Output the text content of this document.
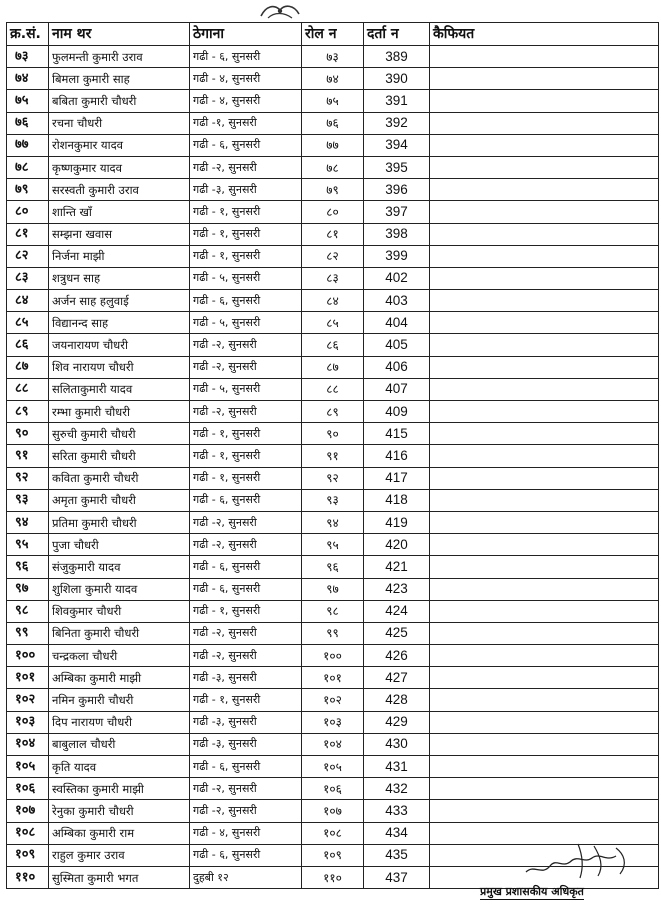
क्र.सं.	नाम थर	ठेगाना	रोल न	दर्ता न	कैफियत
७३	फुलमन्ती कुमारी उराव	गढी - ६, सुनसरी	७३	389	
७४	बिमला कुमारी साह	गढी - ४, सुनसरी	७४	390	
७५	बबिता कुमारी चौधरी	गढी - ४, सुनसरी	७५	391	
७६	रचना चौधरी	गढी -१, सुनसरी	७६	392	
७७	रोशनकुमार यादव	गढी - ६, सुनसरी	७७	394	
७८	कृष्णकुमार यादव	गढी -२, सुनसरी	७८	395	
७९	सरस्वती कुमारी उराव	गढी -३, सुनसरी	७९	396	
८०	शान्ति खाँ	गढी - १, सुनसरी	८०	397	
८१	सम्झना खवास	गढी - १, सुनसरी	८१	398	
८२	निर्जना माझी	गढी - १, सुनसरी	८२	399	
८३	शत्रुधन साह	गढी - ५, सुनसरी	८३	402	
८४	अर्जन साह हलुवाई	गढी - ६, सुनसरी	८४	403	
८५	विद्यानन्द साह	गढी - ५, सुनसरी	८५	404	
८६	जयनारायण चौधरी	गढी -२, सुनसरी	८६	405	
८७	शिव नारायण चौधरी	गढी -२, सुनसरी	८७	406	
८८	सलिताकुमारी यादव	गढी - ५, सुनसरी	८८	407	
८९	रम्भा कुमारी चौधरी	गढी -२, सुनसरी	८९	409	
९०	सुरुची कुमारी चौधरी	गढी - १, सुनसरी	९०	415	
९१	सरिता कुमारी चौधरी	गढी - १, सुनसरी	९१	416	
९२	कविता कुमारी चौधरी	गढी - १, सुनसरी	९२	417	
९३	अमृता कुमारी चौधरी	गढी - ६, सुनसरी	९३	418	
९४	प्रतिमा कुमारी चौधरी	गढी -२, सुनसरी	९४	419	
९५	पुजा चौधरी	गढी -२, सुनसरी	९५	420	
९६	संजुकुमारी यादव	गढी - ६, सुनसरी	९६	421	
९७	शुशिला कुमारी यादव	गढी - ६, सुनसरी	९७	423	
९८	शिवकुमार चौधरी	गढी - १, सुनसरी	९८	424	
९९	बिनिता कुमारी चौधरी	गढी -२, सुनसरी	९९	425	
१००	चन्द्रकला चौधरी	गढी -२, सुनसरी	१००	426	
१०१	अम्बिका कुमारी माझी	गढी -३, सुनसरी	१०१	427	
१०२	नमिन कुमारी चौधरी	गढी - १, सुनसरी	१०२	428	
१०३	दिप नारायण चौधरी	गढी -३, सुनसरी	१०३	429	
१०४	बाबुलाल चौधरी	गढी -३, सुनसरी	१०४	430	
१०५	कृति यादव	गढी - ६, सुनसरी	१०५	431	
१०६	स्वस्तिका कुमारी माझी	गढी -२, सुनसरी	१०६	432	
१०७	रेनुका कुमारी चौधरी	गढी -२, सुनसरी	१०७	433	
१०८	अम्बिका कुमारी राम	गढी - ४, सुनसरी	१०८	434	
१०९	राहुल कुमार उराव	गढी - ६, सुनसरी	१०९	435	
११०	सुस्मिता कुमारी भगत	दुहबी १२	११०	437	
प्रमुख प्रशासकीय अधिकृत
